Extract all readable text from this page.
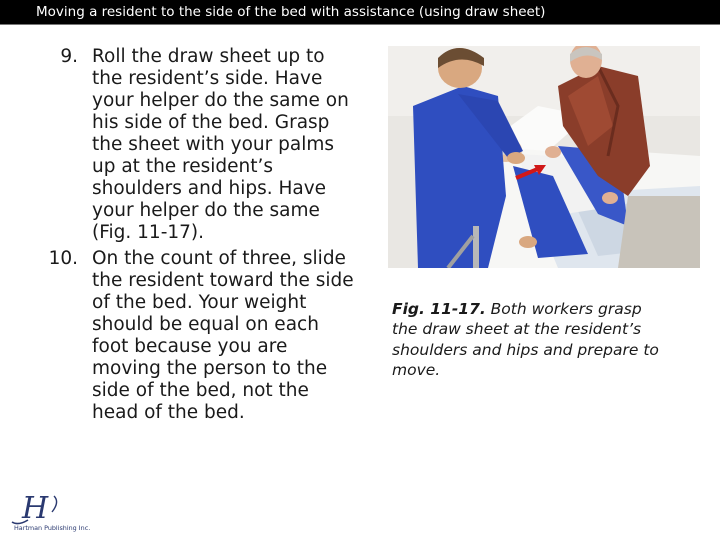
Moving a resident to the side of the bed with assistance (using draw sheet)
9. Roll the draw sheet up to
the resident’s side. Have
your helper do the same on
his side of the bed. Grasp
the sheet with your palms
up at the resident’s
shoulders and hips. Have
your helper do the same
(Fig. 11-17).
10. On the count of three, slide
the resident toward the side
of the bed. Your weight
should be equal on each
foot because you are
moving the person to the
side of the bed, not the
head of the bed.

Fig. 11-17. Both workers grasp
the draw sheet at the resident’s
shoulders and hips and prepare to
move.

H
Hartman Publishing Inc.
